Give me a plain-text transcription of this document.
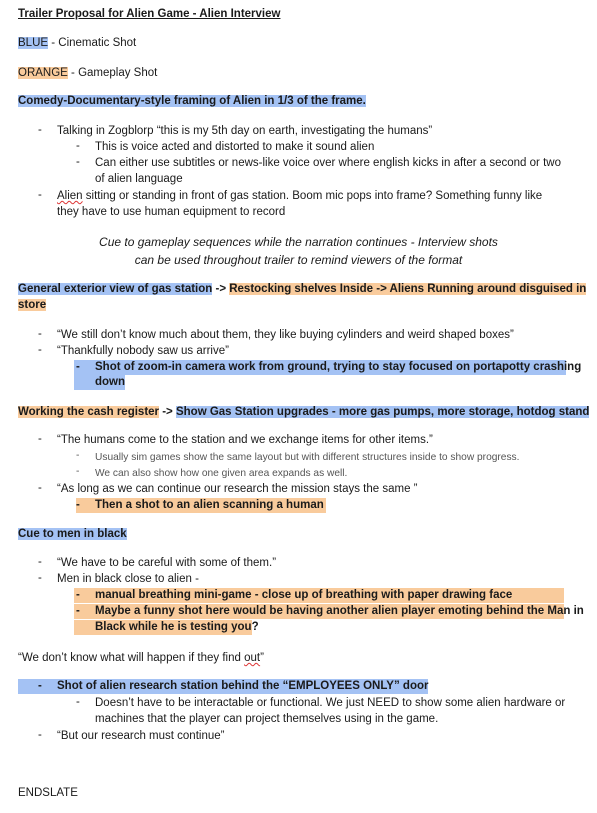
Trailer Proposal for Alien Game - Alien Interview
BLUE - Cinematic Shot
ORANGE - Gameplay Shot
Comedy-Documentary-style framing of Alien in 1/3 of the frame.
- Talking in Zogblorp “this is my 5th day on earth, investigating the humans”
- This is voice acted and distorted to make it sound alien
- Can either use subtitles or news-like voice over where english kicks in after a second or two
of alien language
- Alien sitting or standing in front of gas station. Boom mic pops into frame? Something funny like
they have to use human equipment to record
Cue to gameplay sequences while the narration continues - Interview shots
can be used throughout trailer to remind viewers of the format
General exterior view of gas station -> Restocking shelves Inside -> Aliens Running around disguised in
store
- “We still don’t know much about them, they like buying cylinders and weird shaped boxes”
- “Thankfully nobody saw us arrive”
- Shot of zoom-in camera work from ground, trying to stay focused on portapotty crashing
down
Working the cash register -> Show Gas Station upgrades - more gas pumps, more storage, hotdog stand
- “The humans come to the station and we exchange items for other items.”
- Usually sim games show the same layout but with different structures inside to show progress.
- We can also show how one given area expands as well.
- “As long as we can continue our research the mission stays the same ”
- Then a shot to an alien scanning a human
Cue to men in black
- “We have to be careful with some of them.”
- Men in black close to alien -
- manual breathing mini-game - close up of breathing with paper drawing face
- Maybe a funny shot here would be having another alien player emoting behind the Man in
Black while he is testing you?
“We don’t know what will happen if they find out”
- Shot of alien research station behind the “EMPLOYEES ONLY” door
- Doesn’t have to be interactable or functional. We just NEED to show some alien hardware or
machines that the player can project themselves using in the game.
- “But our research must continue”
ENDSLATE
